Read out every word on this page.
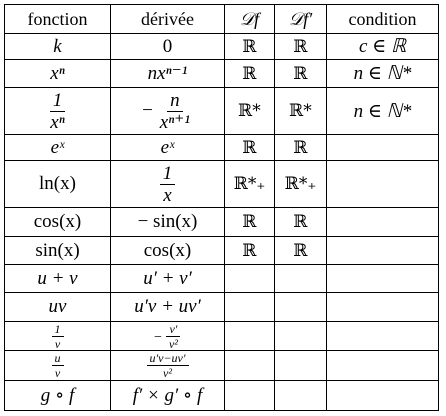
fonction	dérivée	𝒟f	𝒟f′	condition
k	0	ℝ	ℝ	c ∈ ℝ
xⁿ	nxⁿ⁻¹	ℝ	ℝ	n ∈ ℕ*

$\frac{1}{\text{xⁿ}}$	− $\frac{n}{\text{xⁿ⁺¹}}$	ℝ*	ℝ*	n ∈ ℕ*
eˣ	eˣ	ℝ	ℝ	
ln(x)	$\frac{1}{x}$	ℝ*₊	ℝ*₊	
cos(x)	− sin(x)	ℝ	ℝ	
sin(x)	cos(x)	ℝ	ℝ	
u + v	u′ + v′			
uv	u′v + uv′			

$\frac{1}{v}$	− $\frac{v'}{\text{v²}}$

$\frac{u}{v}$	$\frac{u'v-uv'}{\text{v²}}$

g ∘ f	f′ × g′ ∘ f			
